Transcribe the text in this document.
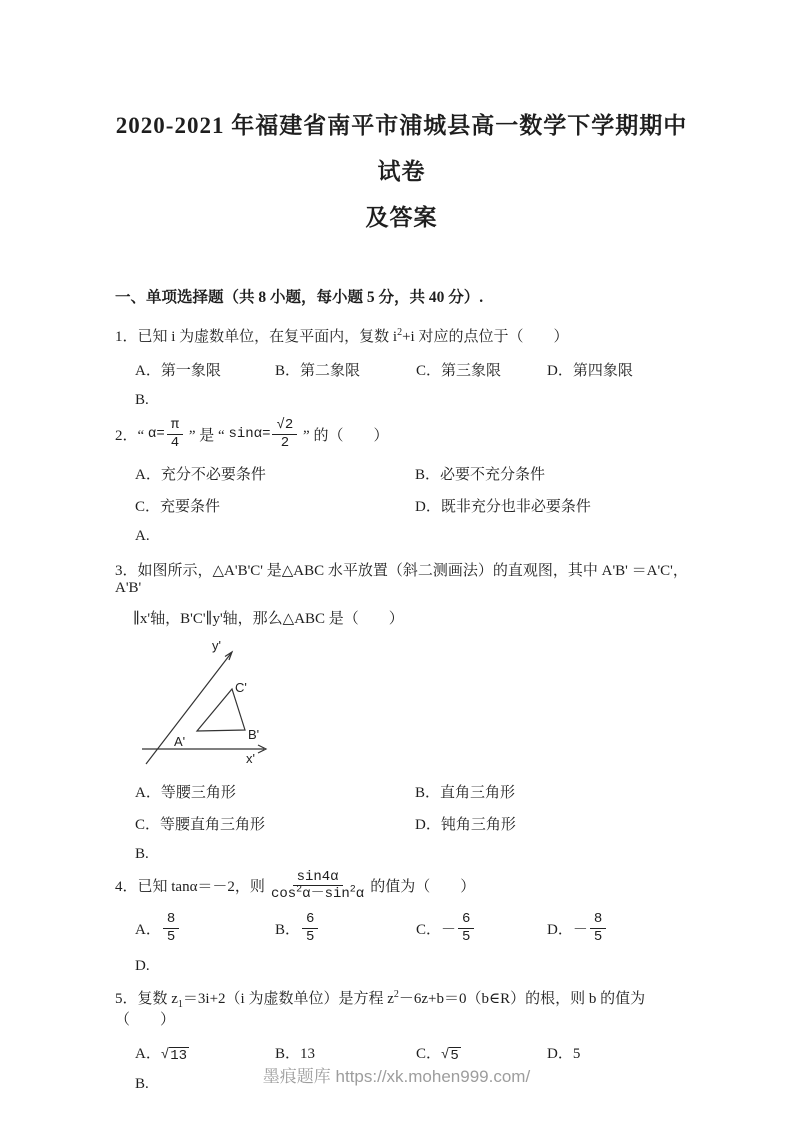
2020-2021 年福建省南平市浦城县高一数学下学期期中试卷
及答案
一、单项选择题（共 8 小题，每小题 5 分，共 40 分）.
1．已知 i 为虚数单位，在复平面内，复数 $i^2+i$ 对应的点位于（　　）
A．第一象限	B．第二象限	C．第三象限	D．第四象限
B.
2．“ $\alpha= \frac{\pi}{4}$ ” 是 “ $\sin\alpha= \frac{√2}{2}$ ” 的（　　）
A．充分不必要条件	B．必要不充分条件
C．充要条件	D．既非充分也非必要条件
A.
3．如图所示，△A'B'C' 是△ABC 水平放置（斜二测画法）的直观图，其中 A'B' ＝A'C'，A'B'
∥x'轴，B'C'∥y'轴，那么△ABC 是（　　）
y'
x'
A'	B'
C'
A．等腰三角形	B．直角三角形
C．等腰直角三角形	D．钝角三角形
B.
4．已知 tanα＝－2，则 $\frac{\sin 4\alpha}{\cos^2\alpha-\sin^2\alpha}$ 的值为（　　）
A． $\frac{8}{5}$	B． $\frac{6}{5}$	C． － $\frac{6}{5}$	D． － $\frac{8}{5}$
D.
5．复数 $z_1=3i+2(i$ 为虚数单位）是方程 $z^2-6z+b=0(b\in R)$的根，则 b 的值为（　　）
A． √ 13	B．13	C． √ 5	D．5
B.	墨痕题库 https://xk.mohen999.com/
